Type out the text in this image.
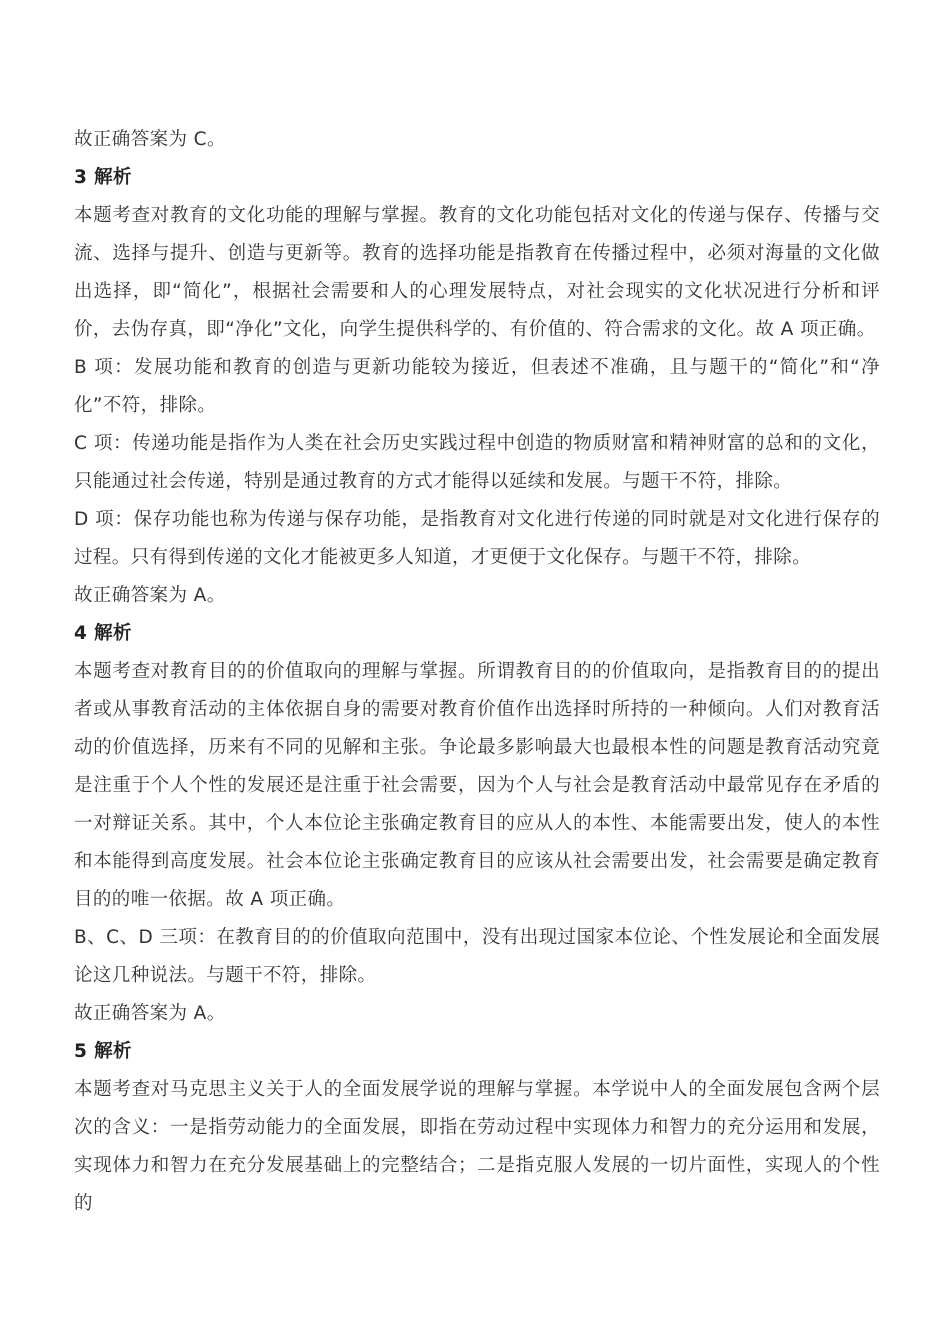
故正确答案为 C。

3 解析

本题考查对教育的文化功能的理解与掌握。教育的文化功能包括对文化的传递与保存、传播与交流、选择与提升、创造与更新等。教育的选择功能是指教育在传播过程中，必须对海量的文化做出选择，即“简化”，根据社会需要和人的心理发展特点，对社会现实的文化状况进行分析和评价，去伪存真，即“净化”文化，向学生提供科学的、有价值的、符合需求的文化。故 A 项正确。

B 项：发展功能和教育的创造与更新功能较为接近，但表述不准确，且与题干的“简化”和“净化”不符，排除。

C 项：传递功能是指作为人类在社会历史实践过程中创造的物质财富和精神财富的总和的文化，只能通过社会传递，特别是通过教育的方式才能得以延续和发展。与题干不符，排除。

D 项：保存功能也称为传递与保存功能，是指教育对文化进行传递的同时就是对文化进行保存的过程。只有得到传递的文化才能被更多人知道，才更便于文化保存。与题干不符，排除。

故正确答案为 A。

4 解析

本题考查对教育目的的价值取向的理解与掌握。所谓教育目的的价值取向，是指教育目的的提出者或从事教育活动的主体依据自身的需要对教育价值作出选择时所持的一种倾向。人们对教育活动的价值选择，历来有不同的见解和主张。争论最多影响最大也最根本性的问题是教育活动究竟是注重于个人个性的发展还是注重于社会需要，因为个人与社会是教育活动中最常见存在矛盾的一对辩证关系。其中，个人本位论主张确定教育目的应从人的本性、本能需要出发，使人的本性和本能得到高度发展。社会本位论主张确定教育目的应该从社会需要出发，社会需要是确定教育目的的唯一依据。故 A 项正确。

B、C、D 三项：在教育目的的价值取向范围中，没有出现过国家本位论、个性发展论和全面发展论这几种说法。与题干不符，排除。

故正确答案为 A。

5 解析

本题考查对马克思主义关于人的全面发展学说的理解与掌握。本学说中人的全面发展包含两个层次的含义：一是指劳动能力的全面发展，即指在劳动过程中实现体力和智力的充分运用和发展，实现体力和智力在充分发展基础上的完整结合；二是指克服人发展的一切片面性，实现人的个性的
